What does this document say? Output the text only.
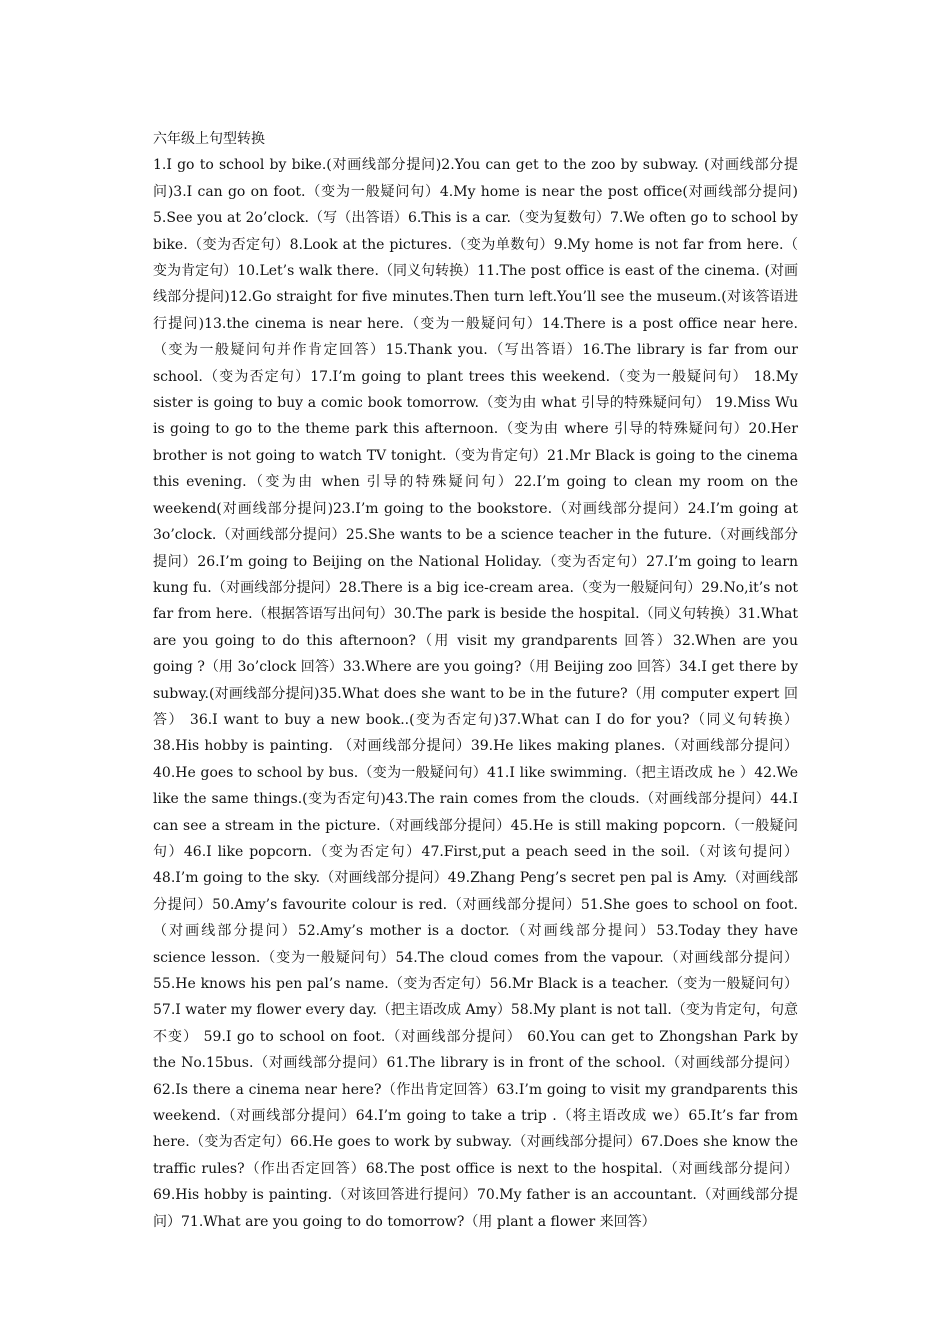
六年级上句型转换

1.I go to school by bike.(对画线部分提问)2.You can get to the zoo by subway. (对画线部分提问)3.I can go on foot.（变为一般疑问句）4.My home is near the post office(对画线部分提问) 5.See you at 2o’clock.（写（出答语）6.This is a car.（变为复数句）7.We often go to school by bike.（变为否定句）8.Look at the pictures.（变为单数句）9.My home is not far from here.（ 变为肯定句）10.Let’s walk there.（同义句转换）11.The post office is east of the cinema. (对画线部分提问)12.Go straight for five minutes.Then turn left.You’ll see the museum.(对该答语进行提问)13.the cinema is near here.（变为一般疑问句）14.There is a post office near here.（变为一般疑问句并作肯定回答）15.Thank you.（写出答语）16.The library is far from our school.（变为否定句）17.I’m going to plant trees this weekend.（变为一般疑问句） 18.My sister is going to buy a comic book tomorrow.（变为由 what 引导的特殊疑问句） 19.Miss Wu is going to go to the theme park this afternoon.（变为由 where 引导的特殊疑问句）20.Her brother is not going to watch TV tonight.（变为肯定句）21.Mr Black is going to the cinema this evening.（变为由 when 引导的特殊疑问句）22.I’m going to clean my room on the weekend(对画线部分提问)23.I’m going to the bookstore.（对画线部分提问）24.I’m going at 3o’clock.（对画线部分提问）25.She wants to be a science teacher in the future.（对画线部分提问）26.I’m going to Beijing on the National Holiday.（变为否定句）27.I’m going to learn kung fu.（对画线部分提问）28.There is a big ice-cream area.（变为一般疑问句）29.No,it’s not far from here.（根据答语写出问句）30.The park is beside the hospital.（同义句转换）31.What are you going to do this afternoon?（用 visit my grandparents 回答）32.When are you going ?（用 3o’clock 回答）33.Where are you going?（用 Beijing zoo 回答）34.I get there by subway.(对画线部分提问)35.What does she want to be in the future?（用 computer expert 回答） 36.I want to buy a new book..(变为否定句)37.What can I do for you?（同义句转换） 38.His hobby is painting. （对画线部分提问）39.He likes making planes.（对画线部分提问）40.He goes to school by bus.（变为一般疑问句）41.I like swimming.（把主语改成 he ）42.We like the same things.(变为否定句)43.The rain comes from the clouds.（对画线部分提问）44.I can see a stream in the picture.（对画线部分提问）45.He is still making popcorn.（一般疑问句）46.I like popcorn.（变为否定句）47.First,put a peach seed in the soil.（对该句提问） 48.I’m going to the sky.（对画线部分提问）49.Zhang Peng’s secret pen pal is Amy.（对画线部分提问）50.Amy’s favourite colour is red.（对画线部分提问）51.She goes to school on foot.（对画线部分提问）52.Amy’s mother is a doctor.（对画线部分提问）53.Today they have science lesson.（变为一般疑问句）54.The cloud comes from the vapour.（对画线部分提问）55.He knows his pen pal’s name.（变为否定句）56.Mr Black is a teacher.（变为一般疑问句）57.I water my flower every day.（把主语改成 Amy）58.My plant is not tall.（变为肯定句，句意不变） 59.I go to school on foot.（对画线部分提问） 60.You can get to Zhongshan Park by the No.15bus.（对画线部分提问）61.The library is in front of the school.（对画线部分提问）62.Is there a cinema near here?（作出肯定回答）63.I’m going to visit my grandparents this weekend.（对画线部分提问）64.I’m going to take a trip .（将主语改成 we）65.It’s far from here.（变为否定句）66.He goes to work by subway.（对画线部分提问）67.Does she know the traffic rules?（作出否定回答）68.The post office is next to the hospital.（对画线部分提问）69.His hobby is painting.（对该回答进行提问）70.My father is an accountant.（对画线部分提问）71.What are you going to do tomorrow?（用 plant a flower 来回答）
